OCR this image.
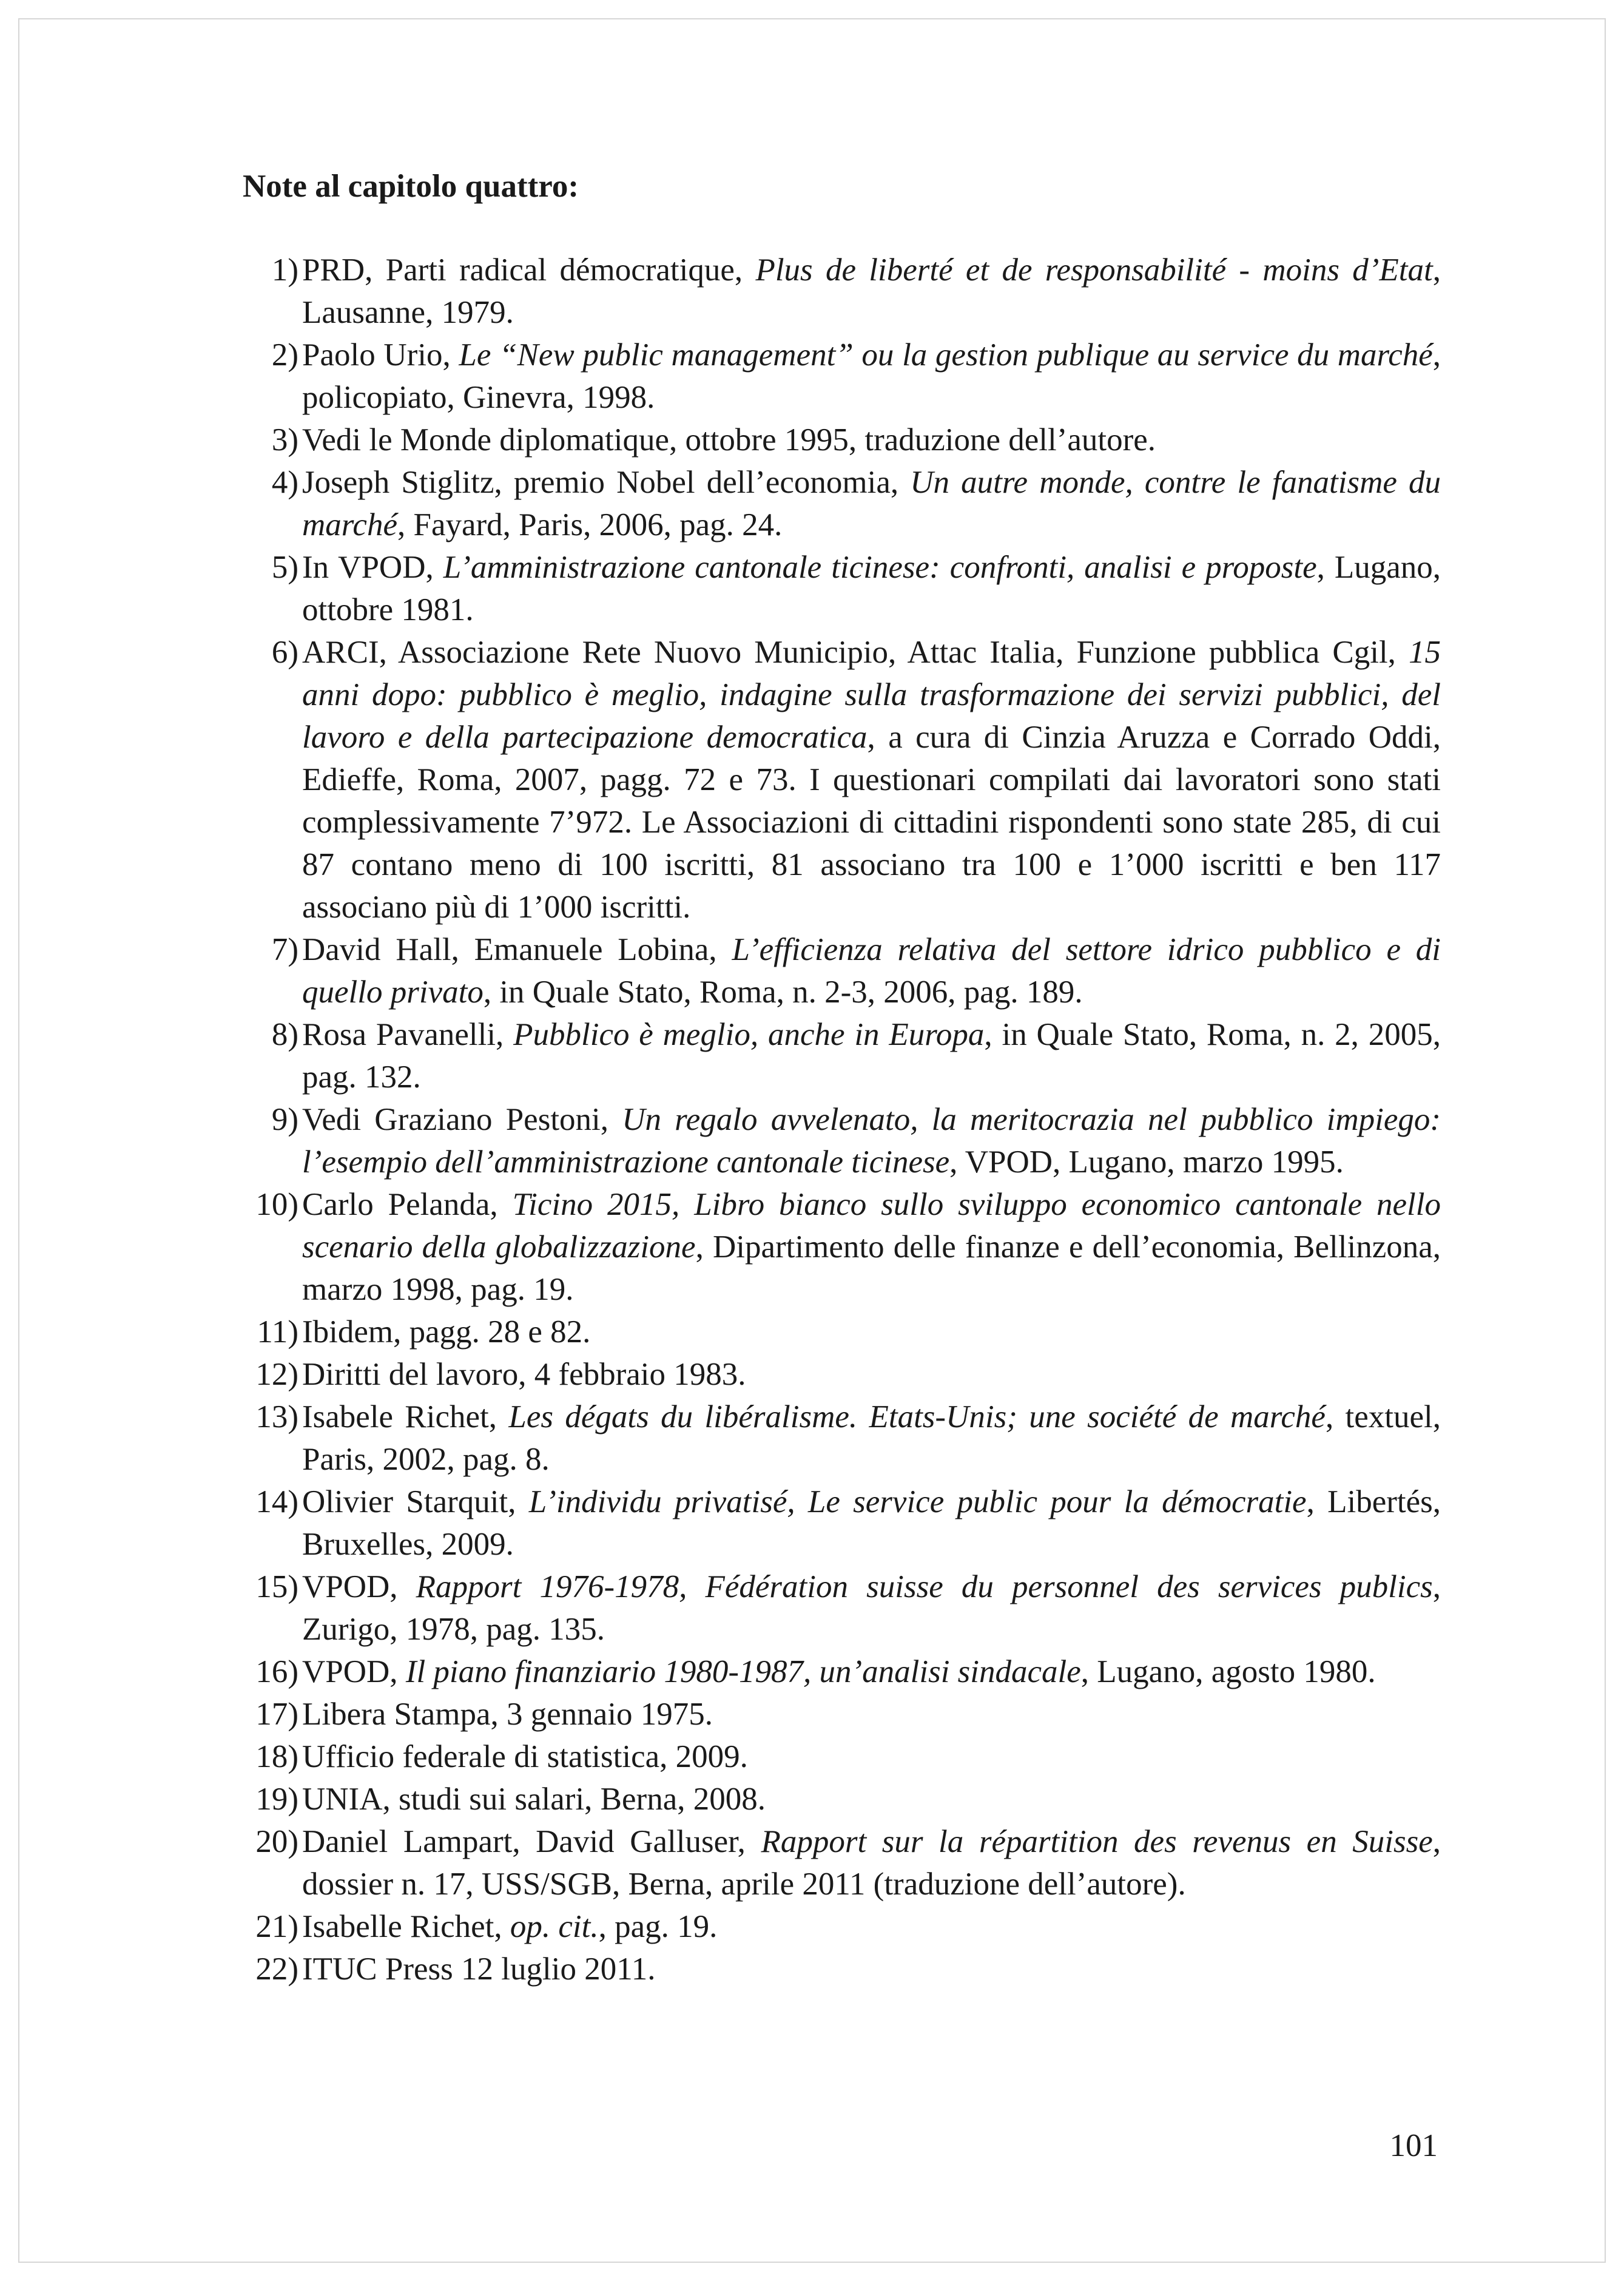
Note al capitolo quattro:
1) PRD, Parti radical démocratique, Plus de liberté et de responsabilité - moins d’Etat, Lausanne, 1979.
2) Paolo Urio, Le “New public management” ou la gestion publique au service du marché, policopiato, Ginevra, 1998.
3) Vedi le Monde diplomatique, ottobre 1995, traduzione dell’autore.
4) Joseph Stiglitz, premio Nobel dell’economia, Un autre monde, contre le fanatisme du marché, Fayard, Paris, 2006, pag. 24.
5) In VPOD, L’amministrazione cantonale ticinese: confronti, analisi e proposte, Lugano, ottobre 1981.
6) ARCI, Associazione Rete Nuovo Municipio, Attac Italia, Funzione pubblica Cgil, 15 anni dopo: pubblico è meglio, indagine sulla trasformazione dei servizi pubblici, del lavoro e della partecipazione democratica, a cura di Cinzia Aruzza e Corrado Oddi, Edieffe, Roma, 2007, pagg. 72 e 73. I questionari compilati dai lavoratori sono stati complessivamente 7’972. Le Associazioni di cittadini rispondenti sono state 285, di cui 87 contano meno di 100 iscritti, 81 associano tra 100 e 1’000 iscritti e ben 117 associano più di 1’000 iscritti.
7) David Hall, Emanuele Lobina, L’efficienza relativa del settore idrico pubblico e di quello privato, in Quale Stato, Roma, n. 2-3, 2006, pag. 189.
8) Rosa Pavanelli, Pubblico è meglio, anche in Europa, in Quale Stato, Roma, n. 2, 2005, pag. 132.
9) Vedi Graziano Pestoni, Un regalo avvelenato, la meritocrazia nel pubblico impiego: l’esempio dell’amministrazione cantonale ticinese, VPOD, Lugano, marzo 1995.
10) Carlo Pelanda, Ticino 2015, Libro bianco sullo sviluppo economico cantonale nello scenario della globalizzazione, Dipartimento delle finanze e dell’economia, Bellinzona, marzo 1998, pag. 19.
11) Ibidem, pagg. 28 e 82.
12) Diritti del lavoro, 4 febbraio 1983.
13) Isabele Richet, Les dégats du libéralisme. Etats-Unis; une société de marché, textuel, Paris, 2002, pag. 8.
14) Olivier Starquit, L’individu privatisé, Le service public pour la démocratie, Libertés, Bruxelles, 2009.
15) VPOD, Rapport 1976-1978, Fédération suisse du personnel des services publics, Zurigo, 1978, pag. 135.
16) VPOD, Il piano finanziario 1980-1987, un’analisi sindacale, Lugano, agosto 1980.
17) Libera Stampa, 3 gennaio 1975.
18) Ufficio federale di statistica, 2009.
19) UNIA, studi sui salari, Berna, 2008.
20) Daniel Lampart, David Galluser, Rapport sur la répartition des revenus en Suisse, dossier n. 17, USS/SGB, Berna, aprile 2011 (traduzione dell’autore).
21) Isabelle Richet, op. cit., pag. 19.
22) ITUC Press 12 luglio 2011.
101
